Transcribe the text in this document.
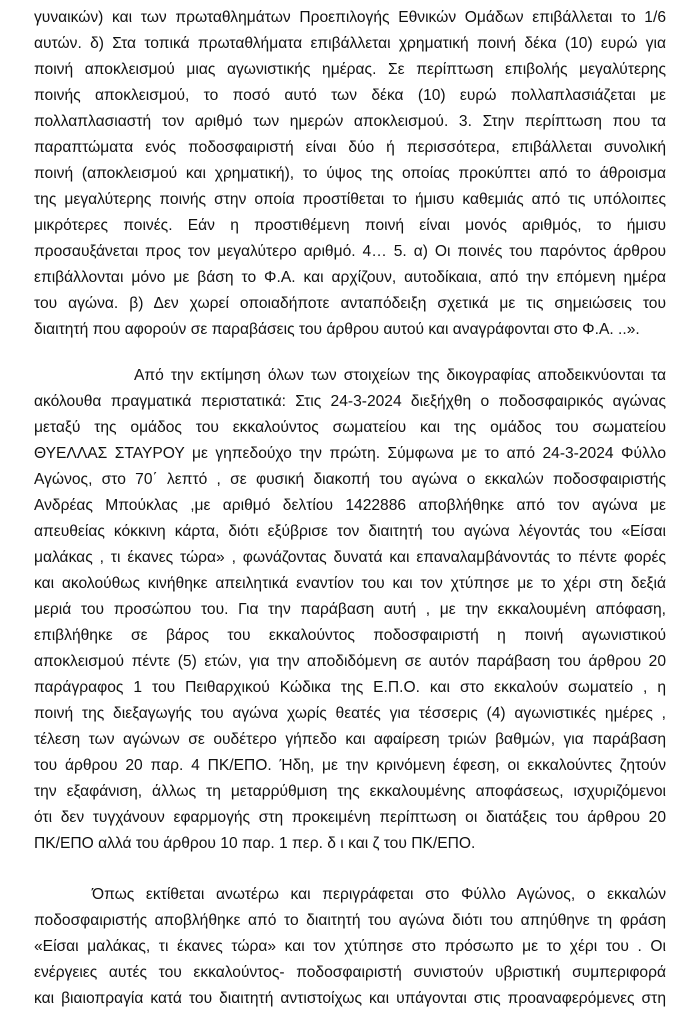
γυναικών) και των πρωταθλημάτων Προεπιλογής Εθνικών Ομάδων επιβάλλεται το 1/6
αυτών. δ) Στα τοπικά πρωταθλήματα επιβάλλεται χρηματική ποινή δέκα (10) ευρώ για
ποινή αποκλεισμού μιας αγωνιστικής ημέρας. Σε περίπτωση επιβολής μεγαλύτερης
ποινής αποκλεισμού, το ποσό αυτό των δέκα (10) ευρώ πολλαπλασιάζεται με
πολλαπλασιαστή τον αριθμό των ημερών αποκλεισμού. 3. Στην περίπτωση που τα
παραπτώματα ενός ποδοσφαιριστή είναι δύο ή περισσότερα, επιβάλλεται συνολική
ποινή (αποκλεισμού και χρηματική), το ύψος της οποίας προκύπτει από το άθροισμα
της μεγαλύτερης ποινής στην οποία προστίθεται το ήμισυ καθεμιάς από τις υπόλοιπες
μικρότερες ποινές. Εάν η προστιθέμενη ποινή είναι μονός αριθμός, το ήμισυ
προσαυξάνεται προς τον μεγαλύτερο αριθμό. 4… 5. α) Οι ποινές του παρόντος άρθρου
επιβάλλονται μόνο με βάση το Φ.Α. και αρχίζουν, αυτοδίκαια, από την επόμενη ημέρα
του αγώνα. β) Δεν χωρεί οποιαδήποτε ανταπόδειξη σχετικά με τις σημειώσεις του
διαιτητή που αφορούν σε παραβάσεις του άρθρου αυτού και αναγράφονται στο Φ.Α. ..».
Από την εκτίμηση όλων των στοιχείων της δικογραφίας αποδεικνύονται τα
ακόλουθα πραγματικά περιστατικά: Στις 24-3-2024 διεξήχθη ο ποδοσφαιρικός αγώνας
μεταξύ της ομάδος του εκκαλούντος σωματείου και της ομάδος του σωματείου
ΘΥΕΛΛΑΣ ΣΤΑΥΡΟΥ με γηπεδούχο την πρώτη. Σύμφωνα με το από 24-3-2024 Φύλλο
Αγώνος, στο 70΄ λεπτό , σε φυσική διακοπή του αγώνα ο εκκαλών ποδοσφαιριστής
Ανδρέας Μπούκλας ,με αριθμό δελτίου 1422886 αποβλήθηκε από τον αγώνα με
απευθείας κόκκινη κάρτα, διότι εξύβρισε τον διαιτητή του αγώνα λέγοντάς του «Είσαι
μαλάκας , τι έκανες τώρα» , φωνάζοντας δυνατά και επαναλαμβάνοντάς το πέντε φορές
και ακολούθως κινήθηκε απειλητικά εναντίον του και τον χτύπησε με το χέρι στη δεξιά
μεριά του προσώπου του. Για την παράβαση αυτή , με την εκκαλουμένη απόφαση,
επιβλήθηκε σε βάρος του εκκαλούντος ποδοσφαιριστή η ποινή αγωνιστικού
αποκλεισμού πέντε (5) ετών, για την αποδιδόμενη σε αυτόν παράβαση του άρθρου 20
παράγραφος 1 του Πειθαρχικού Κώδικα της Ε.Π.Ο. και στο εκκαλούν σωματείο , η
ποινή της διεξαγωγής του αγώνα χωρίς θεατές για τέσσερις (4) αγωνιστικές ημέρες ,
τέλεση των αγώνων σε ουδέτερο γήπεδο και αφαίρεση τριών βαθμών, για παράβαση
του άρθρου 20 παρ. 4 ΠΚ/ΕΠΟ. Ήδη, με την κρινόμενη έφεση, οι εκκαλούντες ζητούν
την εξαφάνιση, άλλως τη μεταρρύθμιση της εκκαλουμένης αποφάσεως, ισχυριζόμενοι
ότι δεν τυγχάνουν εφαρμογής στη προκειμένη περίπτωση οι διατάξεις του άρθρου 20
ΠΚ/ΕΠΟ αλλά του άρθρου 10 παρ. 1 περ. δ ι και ζ του ΠΚ/ΕΠΟ.
Όπως εκτίθεται ανωτέρω και περιγράφεται στο Φύλλο Αγώνος, ο εκκαλών
ποδοσφαιριστής αποβλήθηκε από το διαιτητή του αγώνα διότι του απηύθηνε τη φράση
«Είσαι μαλάκας, τι έκανες τώρα» και τον χτύπησε στο πρόσωπο με το χέρι του . Οι
ενέργειες αυτές του εκκαλούντος- ποδοσφαιριστή συνιστούν υβριστική συμπεριφορά
και βιαιοπραγία κατά του διαιτητή αντιστοίχως και υπάγονται στις προαναφερόμενες στη
